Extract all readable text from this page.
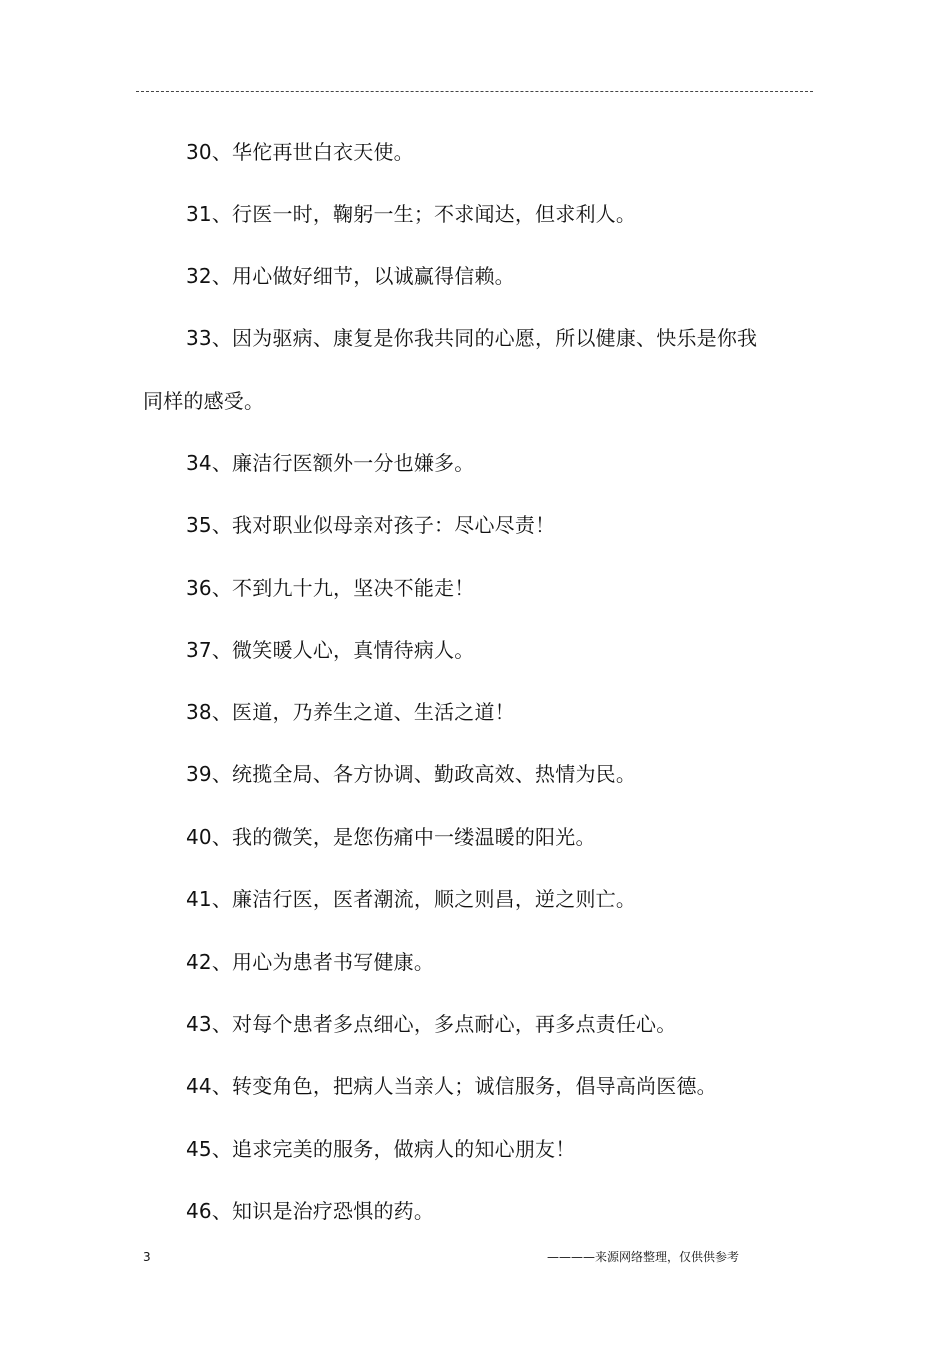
30、华佗再世白衣天使。
31、行医一时，鞠躬一生；不求闻达，但求利人。
32、用心做好细节，以诚赢得信赖。
33、因为驱病、康复是你我共同的心愿，所以健康、快乐是你我
同样的感受。
34、廉洁行医额外一分也嫌多。
35、我对职业似母亲对孩子：尽心尽责！
36、不到九十九，坚决不能走！
37、微笑暖人心，真情待病人。
38、医道，乃养生之道、生活之道！
39、统揽全局、各方协调、勤政高效、热情为民。
40、我的微笑，是您伤痛中一缕温暖的阳光。
41、廉洁行医，医者潮流，顺之则昌，逆之则亡。
42、用心为患者书写健康。
43、对每个患者多点细心，多点耐心，再多点责任心。
44、转变角色，把病人当亲人；诚信服务，倡导高尚医德。
45、追求完美的服务，做病人的知心朋友！
46、知识是治疗恐惧的药。
3	————来源网络整理，仅供供参考
